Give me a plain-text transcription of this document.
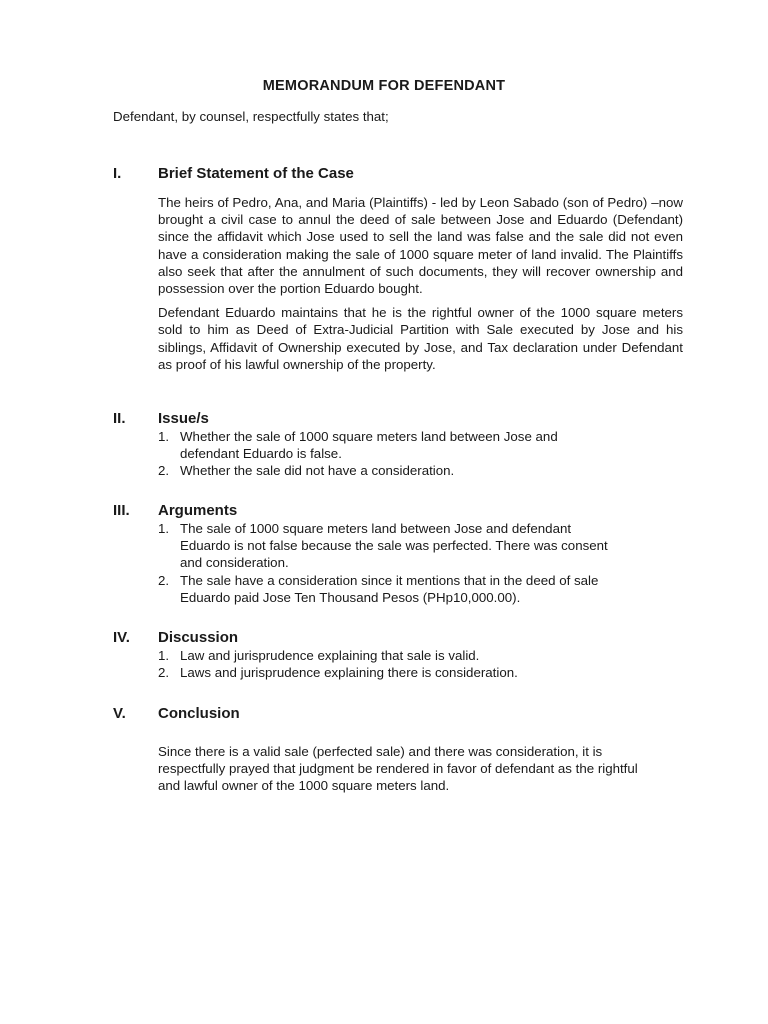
MEMORANDUM FOR DEFENDANT
Defendant, by counsel, respectfully states that;
I.	Brief Statement of the Case

The heirs of Pedro, Ana, and Maria (Plaintiffs) - led by Leon Sabado (son of Pedro) –now brought a civil case to annul the deed of sale between Jose and Eduardo (Defendant) since the affidavit which Jose used to sell the land was false and the sale did not even have a consideration making the sale of 1000 square meter of land invalid. The Plaintiffs also seek that after the annulment of such documents, they will recover ownership and possession over the portion Eduardo bought.

Defendant Eduardo maintains that he is the rightful owner of the 1000 square meters sold to him as Deed of Extra-Judicial Partition with Sale executed by Jose and his siblings, Affidavit of Ownership executed by Jose, and Tax declaration under Defendant as proof of his lawful ownership of the property.

II.	Issue/s
1. Whether the sale of 1000 square meters land between Jose and defendant Eduardo is false.
2. Whether the sale did not have a consideration.
III.	Arguments
1. The sale of 1000 square meters land between Jose and defendant Eduardo is not false because the sale was perfected. There was consent and consideration.
2. The sale have a consideration since it mentions that in the deed of sale Eduardo paid Jose Ten Thousand Pesos (PHp10,000.00).
IV.	Discussion
1. Law and jurisprudence explaining that sale is valid.
2. Laws and jurisprudence explaining there is consideration.
V.	Conclusion

Since there is a valid sale (perfected sale) and there was consideration, it is respectfully prayed that judgment be rendered in favor of defendant as the rightful and lawful owner of the 1000 square meters land.
